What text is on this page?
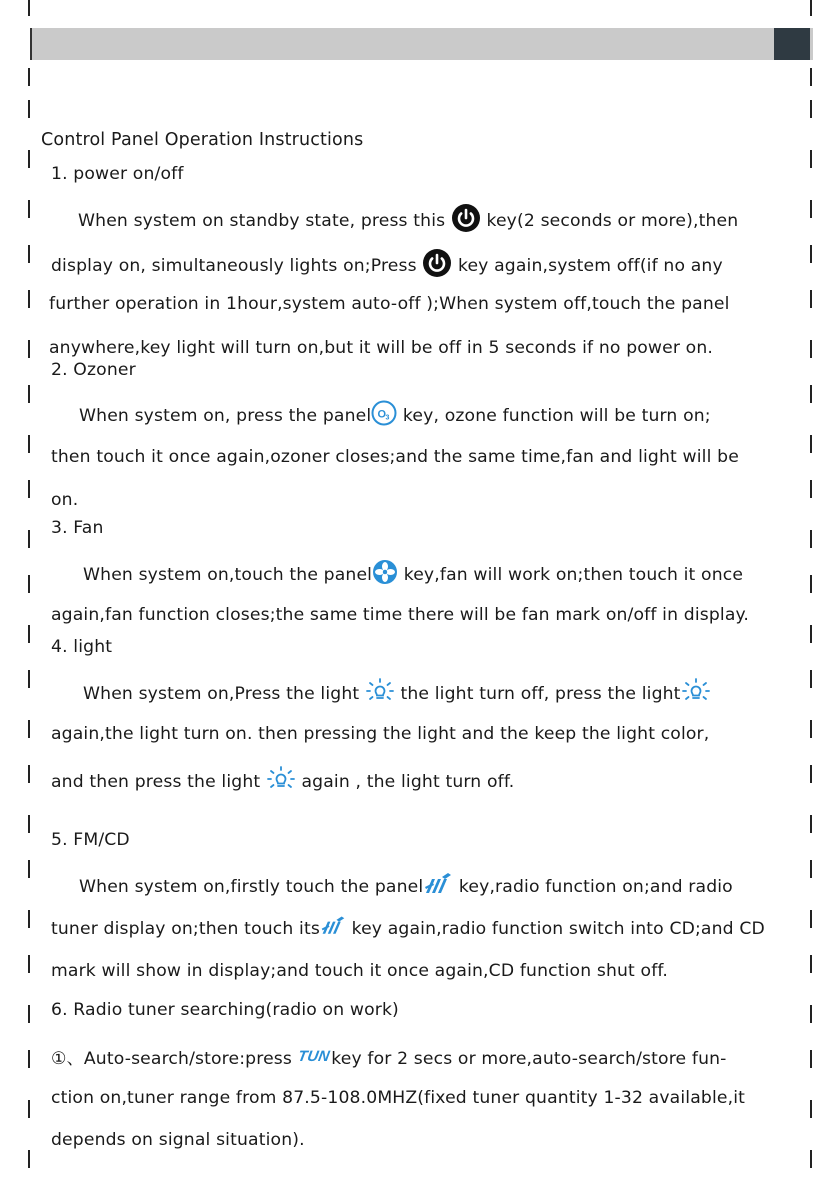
Control Panel Operation Instructions
1. power on/off
When system on standby state, press this  key(2 seconds or more),then
display on, simultaneously lights on;Press  key again,system off(if no any
further operation in 1hour,system auto-off );When system off,touch the panel
anywhere,key light will turn on,but it will be off in 5 seconds if no power on.
2. Ozoner
When system on, press the panel O 3 key, ozone function will be turn on;
then touch it once again,ozoner closes;and the same time,fan and light will be
on.
3. Fan
When system on,touch the panel key,fan will work on;then touch it once
again,fan function closes;the same time there will be fan mark on/off in display.
4. light
When system on,Press the light  the light turn off, press the light
again,the light turn on. then pressing the light and the keep the light color,
and then press the light  again , the light turn off.
5. FM/CD
When system on,firstly touch the panel key,radio function on;and radio
tuner display on;then touch its key again,radio function switch into CD;and CD
mark will show in display;and touch it once again,CD function shut off.
6. Radio tuner searching(radio on work)
①、Auto-search/store:press
TUN
key for 2 secs or more,auto-search/store fun-
ction on,tuner range from 87.5-108.0MHZ(fixed tuner quantity 1-32 available,it
depends on signal situation).
